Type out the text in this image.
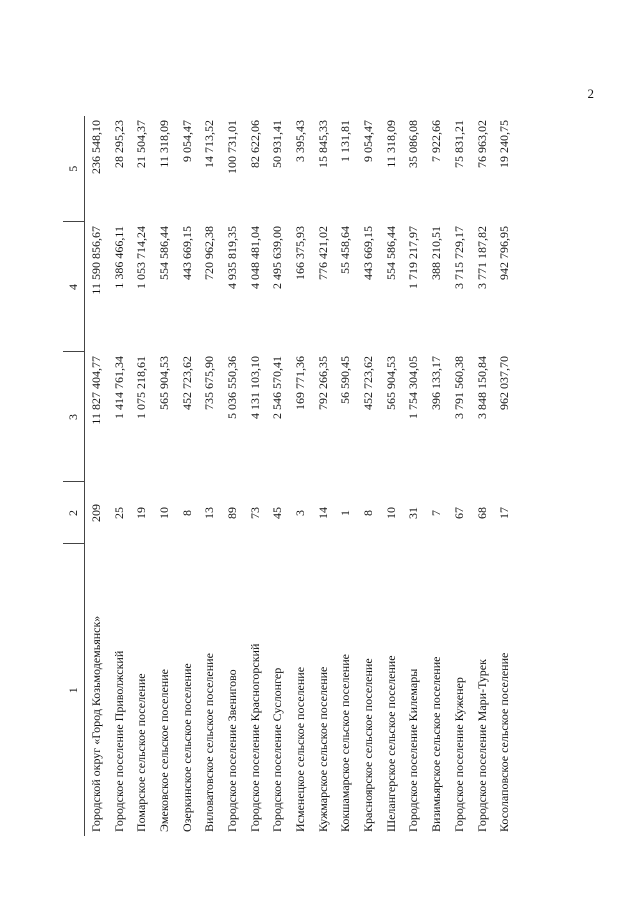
2
1	2	3	4	5
Городской округ «Город Козьмодемьянск»	209	11 827 404,77	11 590 856,67	236 548,10
Городское поселение Приволжский	25	1 414 761,34	1 386 466,11	28 295,23
Помарское сельское поселение	19	1 075 218,61	1 053 714,24	21 504,37
Эмековское сельское поселение	10	565 904,53	554 586,44	11 318,09
Озеркинское сельское поселение	8	452 723,62	443 669,15	9 054,47
Виловатовское сельское поселение	13	735 675,90	720 962,38	14 713,52
Городское поселение Звенигово	89	5 036 550,36	4 935 819,35	100 731,01
Городское поселение Красногорский	73	4 131 103,10	4 048 481,04	82 622,06
Городское поселение Суслонгер	45	2 546 570,41	2 495 639,00	50 931,41
Исменецкое сельское поселение	3	169 771,36	166 375,93	3 395,43
Кужмарское сельское поселение	14	792 266,35	776 421,02	15 845,33
Кокшамарское сельское поселение	1	56 590,45	55 458,64	1 131,81
Красноярское сельское поселение	8	452 723,62	443 669,15	9 054,47
Шелангерское сельское поселение	10	565 904,53	554 586,44	11 318,09
Городское поселение Килемары	31	1 754 304,05	1 719 217,97	35 086,08
Визимьярское сельское поселение	7	396 133,17	388 210,51	7 922,66
Городское поселение Куженер	67	3 791 560,38	3 715 729,17	75 831,21
Городское поселение Мари-Турек	68	3 848 150,84	3 771 187,82	76 963,02
Косолаповское сельское поселение	17	962 037,70	942 796,95	19 240,75
